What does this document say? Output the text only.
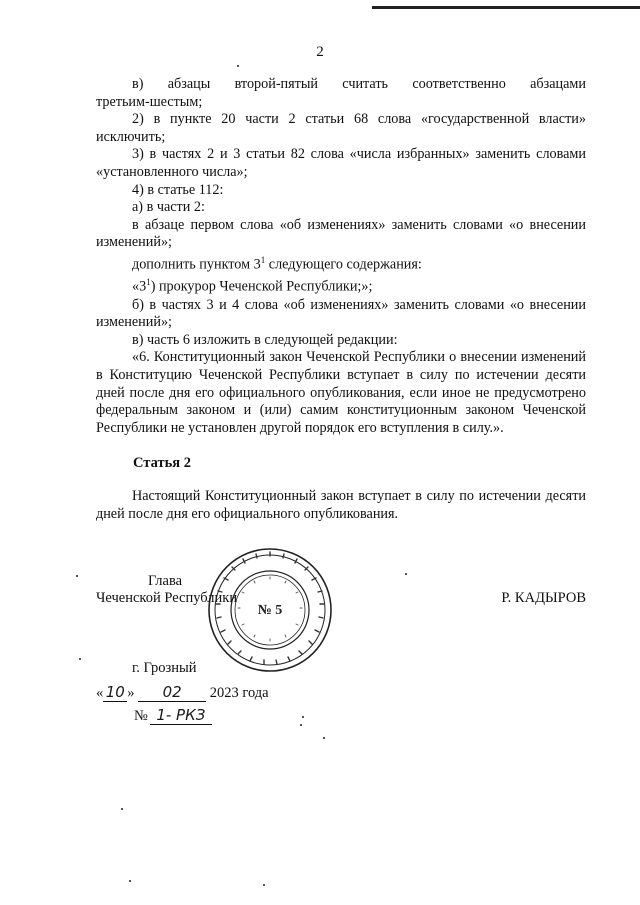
2

в) абзацы второй-пятый считать соответственно абзацами

третьим-шестым;

2) в пункте 20 части 2 статьи 68 слова «государственной власти» исключить;

3) в частях 2 и 3 статьи 82 слова «числа избранных» заменить словами «установленного числа»;

4) в статье 112:

а) в части 2:

в абзаце первом слова «об изменениях» заменить словами «о внесении изменений»;

дополнить пунктом $3^1$ следующего содержания:

«$3^1$) прокурор Чеченской Республики;»;

б) в частях 3 и 4 слова «об изменениях» заменить словами «о внесении изменений»;

в) часть 6 изложить в следующей редакции:

«6. Конституционный закон Чеченской Республики о внесении изменений в Конституцию Чеченской Республики вступает в силу по истечении десяти дней после дня его официального опубликования, если иное не предусмотрено федеральным законом и (или) самим конституционным законом Чеченской Республики не установлен другой порядок его вступления в силу.».

Статья 2
Настоящий Конституционный закон вступает в силу по истечении десяти дней после дня его официального опубликования.
№ 5
Глава
Чеченской Республики	Р. КАДЫРОВ
г. Грозный
« 10 » 02 2023 года
№ 1- РКЗ
